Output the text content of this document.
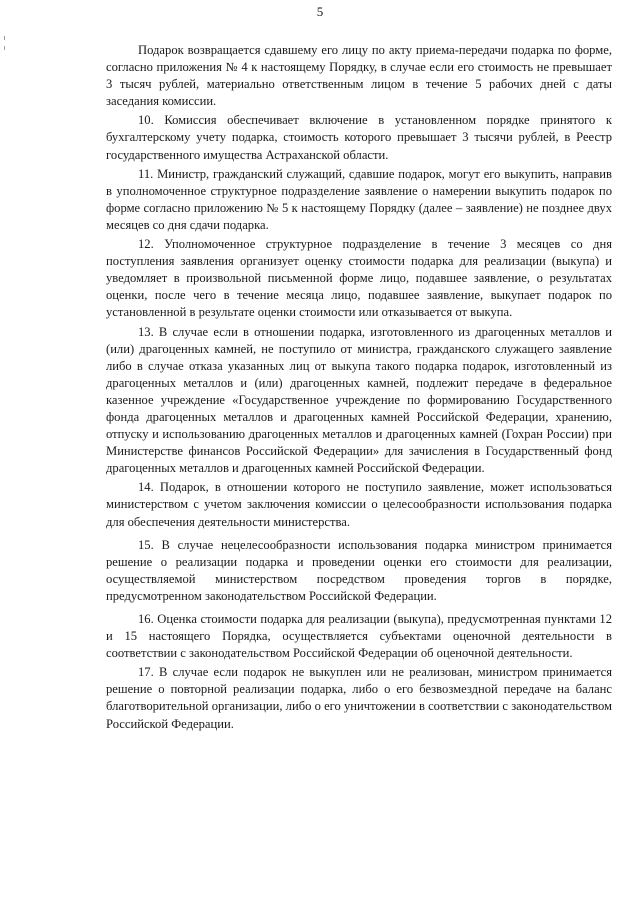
5

Подарок возвращается сдавшему его лицу по акту приема-передачи подарка по форме, согласно приложения № 4 к настоящему Порядку, в случае если его стоимость не превышает 3 тысяч рублей, материально ответственным лицом в течение 5 рабочих дней с даты заседания комиссии.

10. Комиссия обеспечивает включение в установленном порядке принятого к бухгалтерскому учету подарка, стоимость которого превышает 3 тысячи рублей, в Реестр государственного имущества Астраханской области.

11. Министр, гражданский служащий, сдавшие подарок, могут его выкупить, направив в уполномоченное структурное подразделение заявление о намерении выкупить подарок по форме согласно приложению № 5 к настоящему Порядку (далее – заявление) не позднее двух месяцев со дня сдачи подарка.

12. Уполномоченное структурное подразделение в течение 3 месяцев со дня поступления заявления организует оценку стоимости подарка для реализации (выкупа) и уведомляет в произвольной письменной форме лицо, подавшее заявление, о результатах оценки, после чего в течение месяца лицо, подавшее заявление, выкупает подарок по установленной в результате оценки стоимости или отказывается от выкупа.

13. В случае если в отношении подарка, изготовленного из драгоценных металлов и (или) драгоценных камней, не поступило от министра, гражданского служащего заявление либо в случае отказа указанных лиц от выкупа такого подарка подарок, изготовленный из драгоценных металлов и (или) драгоценных камней, подлежит передаче в федеральное казенное учреждение «Государственное учреждение по формированию Государственного фонда драгоценных металлов и драгоценных камней Российской Федерации, хранению, отпуску и использованию драгоценных металлов и драгоценных камней (Гохран России) при Министерстве финансов Российской Федерации» для зачисления в Государственный фонд драгоценных металлов и драгоценных камней Российской Федерации.

14. Подарок, в отношении которого не поступило заявление, может использоваться министерством с учетом заключения комиссии о целесообразности использования подарка для обеспечения деятельности министерства.

15. В случае нецелесообразности использования подарка министром принимается решение о реализации подарка и проведении оценки его стоимости для реализации, осуществляемой министерством посредством проведения торгов в порядке, предусмотренном законодательством Российской Федерации.

16. Оценка стоимости подарка для реализации (выкупа), предусмотренная пунктами 12 и 15 настоящего Порядка, осуществляется субъектами оценочной деятельности в соответствии с законодательством Российской Федерации об оценочной деятельности.

17. В случае если подарок не выкуплен или не реализован, министром принимается решение о повторной реализации подарка, либо о его безвозмездной передаче на баланс благотворительной организации, либо о его уничтожении в соответствии с законодательством Российской Федерации.
